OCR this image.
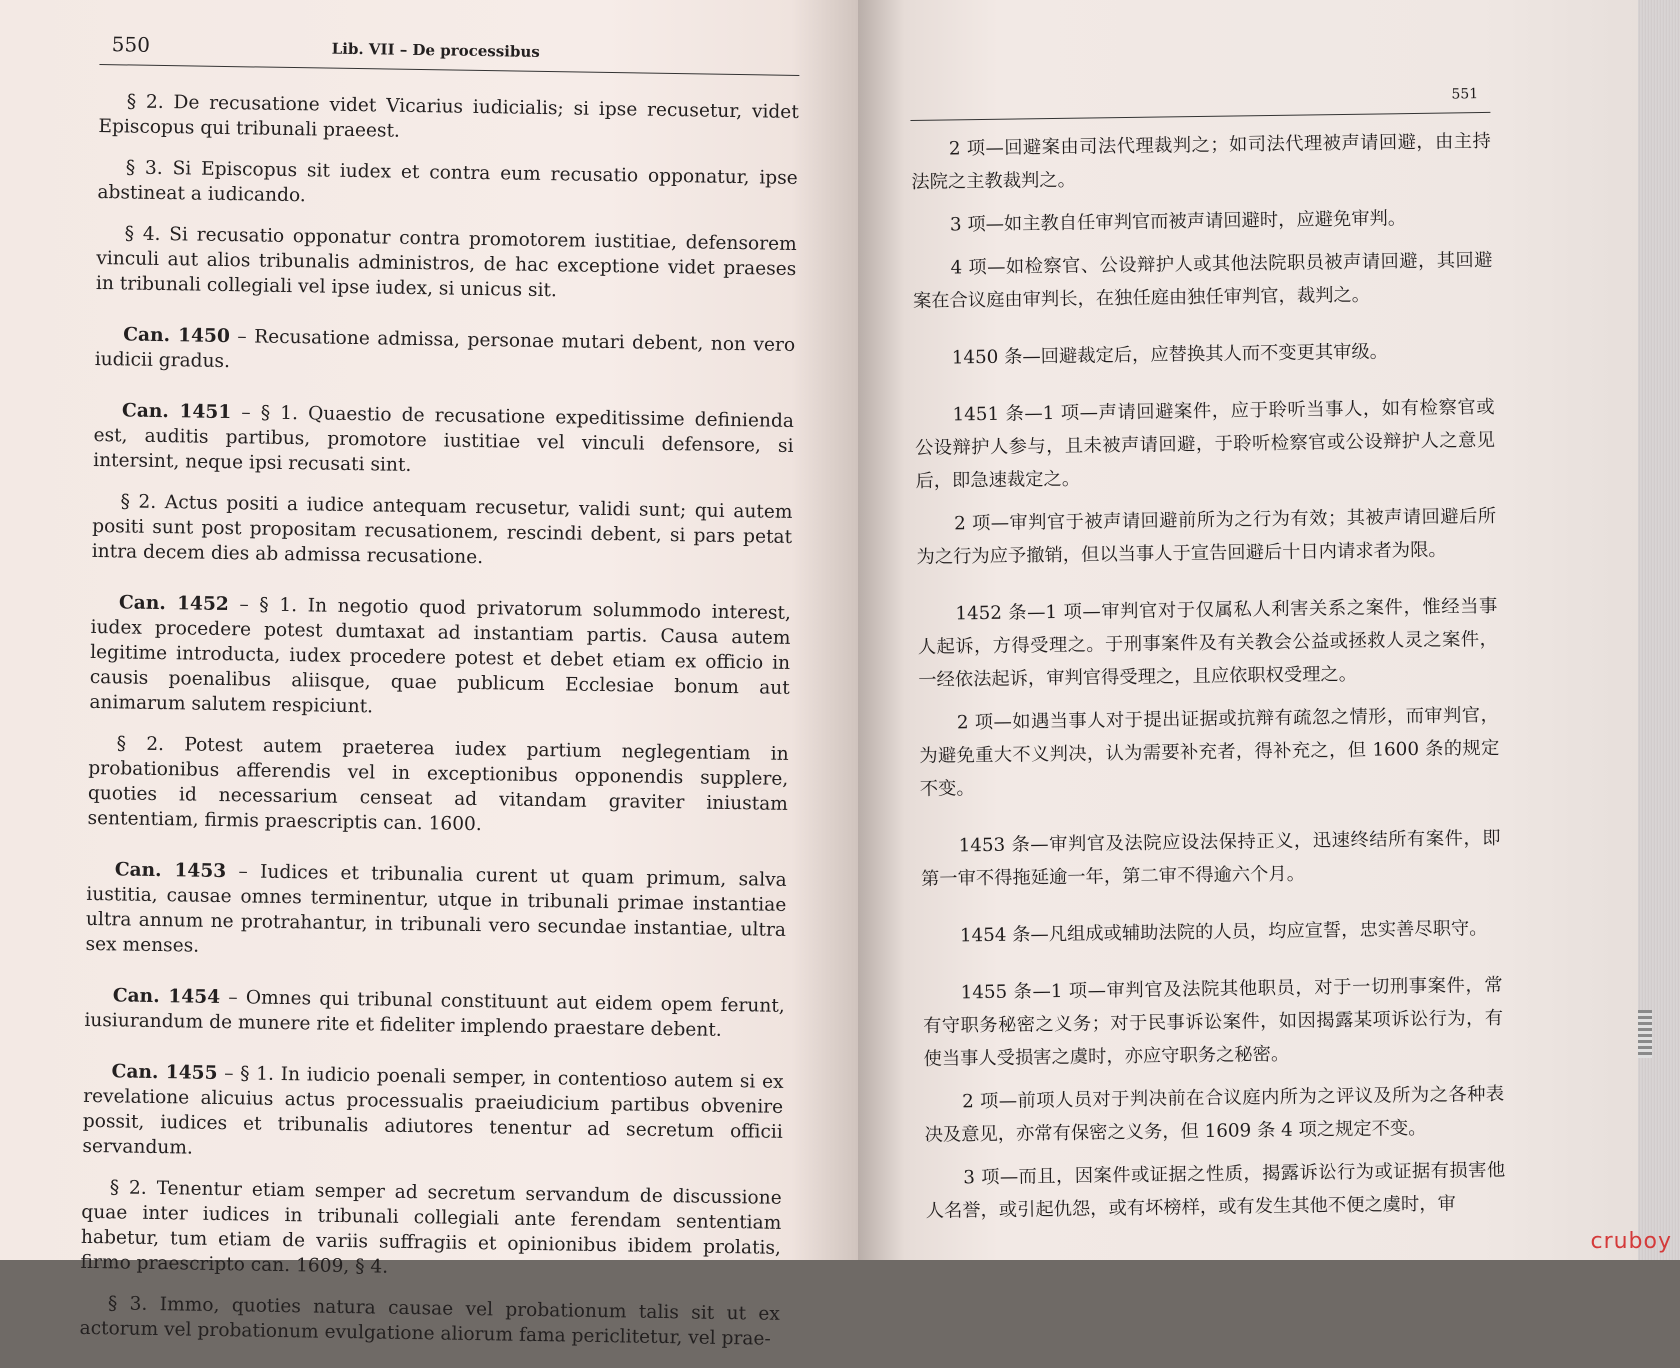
550	Lib. VII – De processibus

§ 2. De recusatione videt Vicarius iudicialis; si ipse recusetur, videt Episcopus qui tribunali praeest.

§ 3. Si Episcopus sit iudex et contra eum recusatio opponatur, ipse abstineat a iudicando.

§ 4. Si recusatio opponatur contra promotorem iustitiae, defensorem vinculi aut alios tribunalis administros, de hac exceptione videt praeses in tribunali collegiali vel ipse iudex, si unicus sit.

Can. 1450 – Recusatione admissa, personae mutari debent, non vero iudicii gradus.

Can. 1451 – § 1. Quaestio de recusatione expeditissime definienda est, auditis partibus, promotore iustitiae vel vinculi defensore, si intersint, neque ipsi recusati sint.

§ 2. Actus positi a iudice antequam recusetur, validi sunt; qui autem positi sunt post propositam recusationem, rescindi debent, si pars petat intra decem dies ab admissa recusatione.

Can. 1452 – § 1. In negotio quod privatorum solummodo interest, iudex procedere potest dumtaxat ad instantiam partis. Causa autem legitime introducta, iudex procedere potest et debet etiam ex officio in causis poenalibus aliisque, quae publicum Ecclesiae bonum aut animarum salutem respiciunt.

§ 2. Potest autem praeterea iudex partium neglegentiam in probationibus afferendis vel in exceptionibus opponendis supplere, quoties id necessarium censeat ad vitandam graviter iniustam sententiam, firmis praescriptis can. 1600.

Can. 1453 – Iudices et tribunalia curent ut quam primum, salva iustitia, causae omnes terminentur, utque in tribunali primae instantiae ultra annum ne protrahantur, in tribunali vero secundae instantiae, ultra sex menses.

Can. 1454 – Omnes qui tribunal constituunt aut eidem opem ferunt, iusiurandum de munere rite et fideliter implendo praestare debent.

Can. 1455 – § 1. In iudicio poenali semper, in contentioso autem si ex revelatione alicuius actus processualis praeiudicium partibus obvenire possit, iudices et tribunalis adiutores tenentur ad secretum officii servandum.

§ 2. Tenentur etiam semper ad secretum servandum de discussione quae inter iudices in tribunali collegiali ante ferendam sententiam habetur, tum etiam de variis suffragiis et opinionibus ibidem prolatis, firmo praescripto can. 1609, § 4.

§ 3. Immo, quoties natura causae vel probationum talis sit ut ex actorum vel probationum evulgatione aliorum fama periclitetur, vel prae-

551

2 项—回避案由司法代理裁判之；如司法代理被声请回避，由主持法院之主教裁判之。

3 项—如主教自任审判官而被声请回避时，应避免审判。

4 项—如检察官、公设辩护人或其他法院职员被声请回避，其回避案在合议庭由审判长，在独任庭由独任审判官，裁判之。

1450 条—回避裁定后，应替换其人而不变更其审级。

1451 条—1 项—声请回避案件，应于聆听当事人，如有检察官或公设辩护人参与，且未被声请回避，于聆听检察官或公设辩护人之意见后，即急速裁定之。

2 项—审判官于被声请回避前所为之行为有效；其被声请回避后所为之行为应予撤销，但以当事人于宣告回避后十日内请求者为限。

1452 条—1 项—审判官对于仅属私人利害关系之案件，惟经当事人起诉，方得受理之。于刑事案件及有关教会公益或拯救人灵之案件，一经依法起诉，审判官得受理之，且应依职权受理之。

2 项—如遇当事人对于提出证据或抗辩有疏忽之情形，而审判官，为避免重大不义判决，认为需要补充者，得补充之，但 1600 条的规定不变。

1453 条—审判官及法院应设法保持正义，迅速终结所有案件，即第一审不得拖延逾一年，第二审不得逾六个月。

1454 条—凡组成或辅助法院的人员，均应宣誓，忠实善尽职守。

1455 条—1 项—审判官及法院其他职员，对于一切刑事案件，常有守职务秘密之义务；对于民事诉讼案件，如因揭露某项诉讼行为，有使当事人受损害之虞时，亦应守职务之秘密。

2 项—前项人员对于判决前在合议庭内所为之评议及所为之各种表决及意见，亦常有保密之义务，但 1609 条 4 项之规定不变。

3 项—而且，因案件或证据之性质，揭露诉讼行为或证据有损害他人名誉，或引起仇怨，或有坏榜样，或有发生其他不便之虞时，审

cruboy
